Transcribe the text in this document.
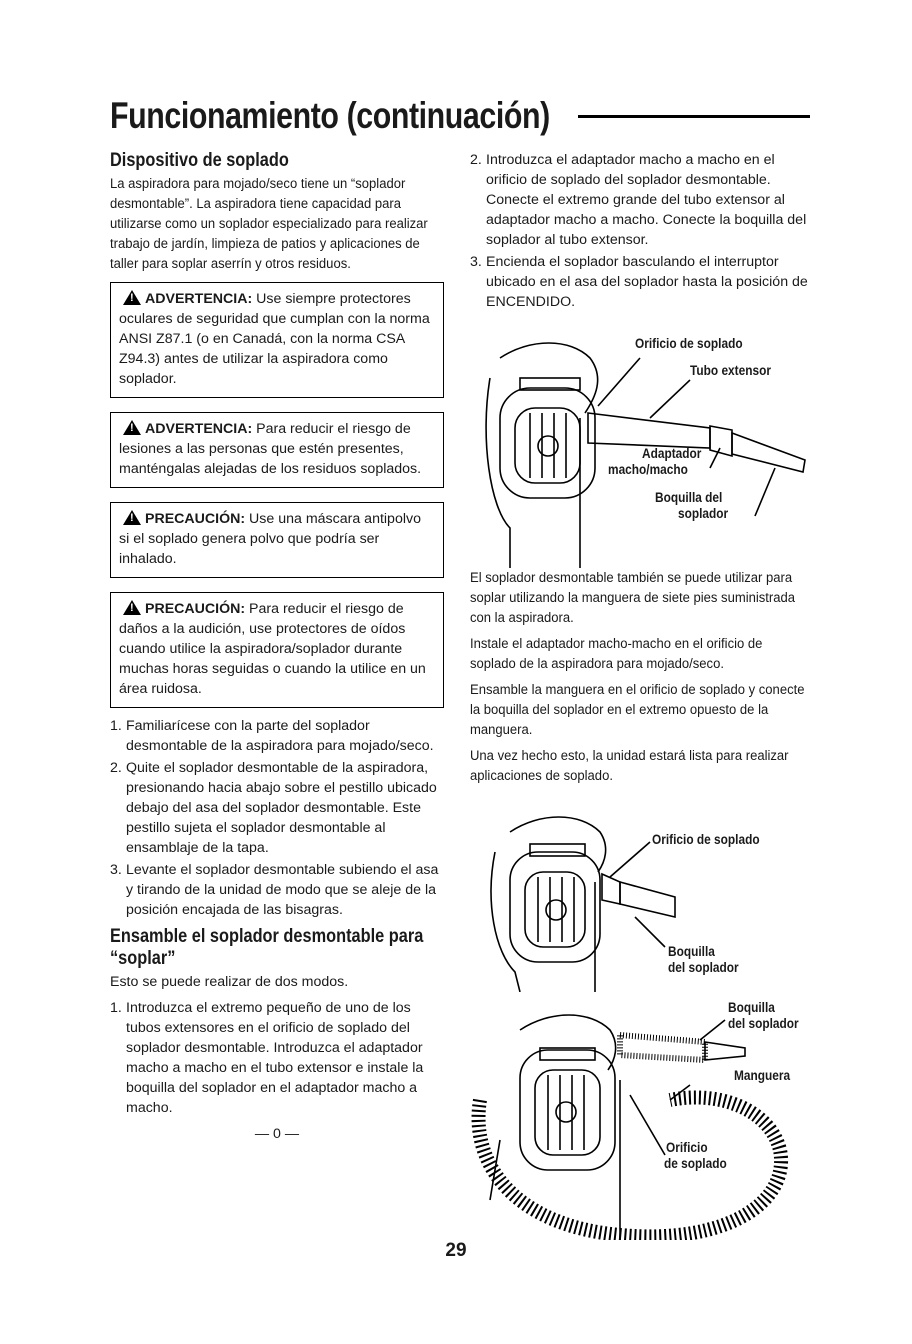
Funcionamiento (continuación)
Dispositivo de soplado

La aspiradora para mojado/seco tiene un “soplador desmontable”. La aspiradora tiene capacidad para utilizarse como un soplador especializado para realizar trabajo de jardín, limpieza de patios y aplicaciones de taller para soplar aserrín y otros residuos.

!ADVERTENCIA: Use siempre protectores oculares de seguridad que cumplan con la norma ANSI Z87.1 (o en Canadá, con la norma CSA Z94.3) antes de utilizar la aspiradora como soplador.
!ADVERTENCIA: Para reducir el riesgo de lesiones a las personas que estén presentes, manténgalas alejadas de los residuos soplados.
!PRECAUCIÓN: Use una máscara antipolvo si el soplado genera polvo que podría ser inhalado.
!PRECAUCIÓN: Para reducir el riesgo de daños a la audición, use protectores de oídos cuando utilice la aspiradora/soplador durante muchas horas seguidas o cuando la utilice en un área ruidosa.
1. Familiarícese con la parte del soplador desmontable de la aspiradora para mojado/seco.
2. Quite el soplador desmontable de la aspiradora, presionando hacia abajo sobre el pestillo ubicado debajo del asa del soplador desmontable. Este pestillo sujeta el soplador desmontable al ensamblaje de la tapa.
3. Levante el soplador desmontable subiendo el asa y tirando de la unidad de modo que se aleje de la posición encajada de las bisagras.
Ensamble el soplador desmontable para “soplar”

Esto se puede realizar de dos modos.

1. Introduzca el extremo pequeño de uno de los tubos extensores en el orificio de soplado del soplador desmontable. Introduzca el adaptador macho a macho en el tubo extensor e instale la boquilla del soplador en el adaptador macho a macho.
— 0 —
2. Introduzca el adaptador macho a macho en el orificio de soplado del soplador desmontable. Conecte el extremo grande del tubo extensor al adaptador macho a macho. Conecte la boquilla del soplador al tubo extensor.
3. Encienda el soplador basculando el interruptor ubicado en el asa del soplador hasta la posición de ENCENDIDO.
Orificio de soplado
Tubo extensor
Adaptador
macho/macho
Boquilla del
soplador

El soplador desmontable también se puede utilizar para soplar utilizando la manguera de siete pies suministrada con la aspiradora.

Instale el adaptador macho-macho en el orificio de soplado de la aspiradora para mojado/seco.

Ensamble la manguera en el orificio de soplado y conecte la boquilla del soplador en el extremo opuesto de la manguera.

Una vez hecho esto, la unidad estará lista para realizar aplicaciones de soplado.

Orificio de soplado
Boquilla
del soplador
Boquilla
del soplador
Manguera
Orificio
de soplado
29
